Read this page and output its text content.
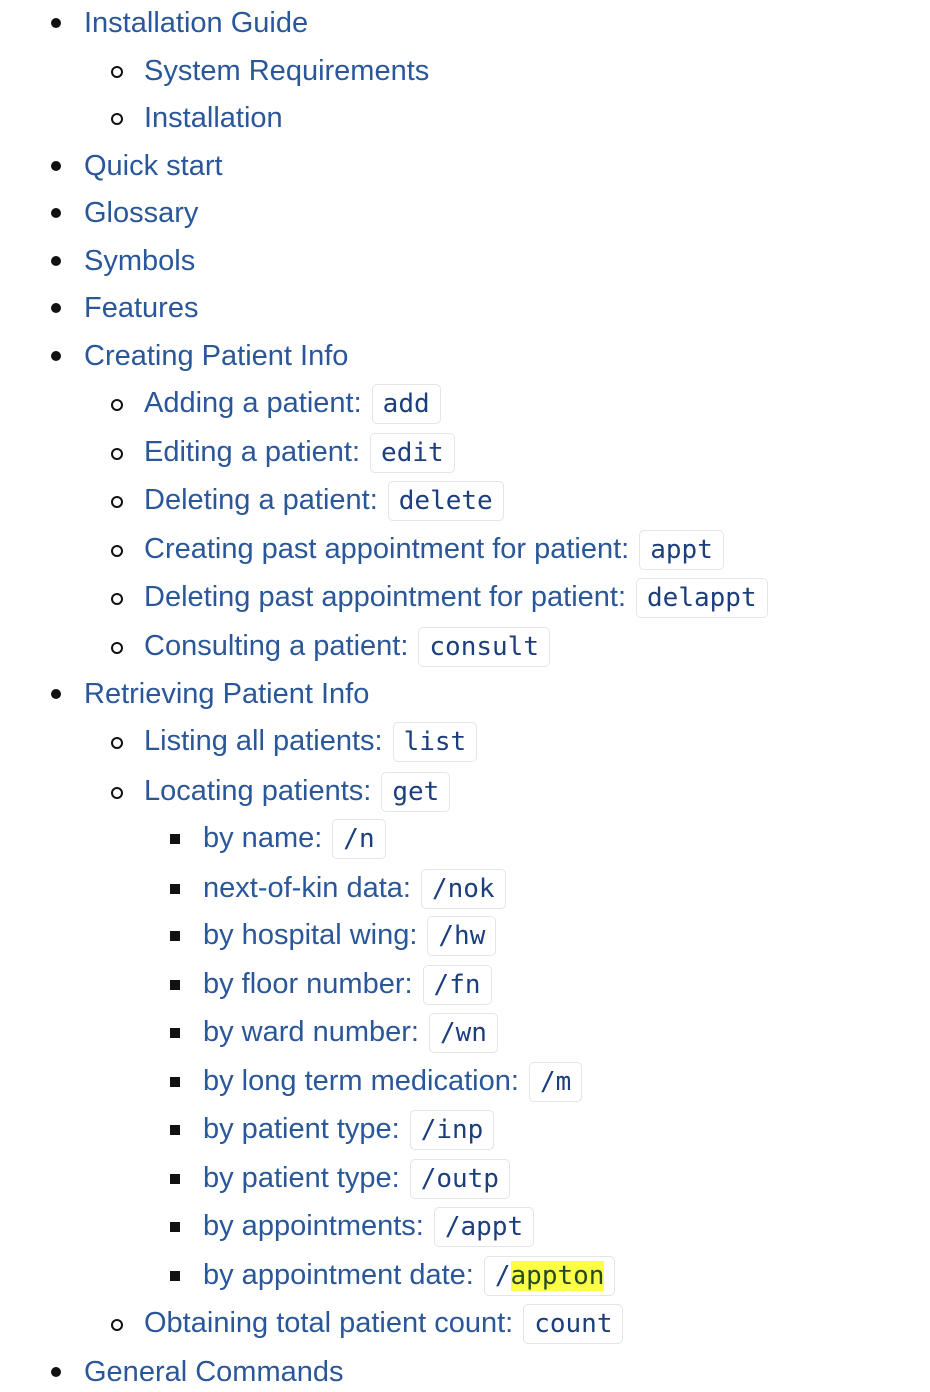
Installation Guide
System Requirements
Installation
Quick start
Glossary
Symbols
Features
Creating Patient Info
Adding a patient: add
Editing a patient: edit
Deleting a patient: delete
Creating past appointment for patient: appt
Deleting past appointment for patient: delappt
Consulting a patient: consult
Retrieving Patient Info
Listing all patients: list
Locating patients: get
by name: /n
next-of-kin data: /nok
by hospital wing: /hw
by floor number: /fn
by ward number: /wn
by long term medication: /m
by patient type: /inp
by patient type: /outp
by appointments: /appt
by appointment date: /appton
Obtaining total patient count: count
General Commands
